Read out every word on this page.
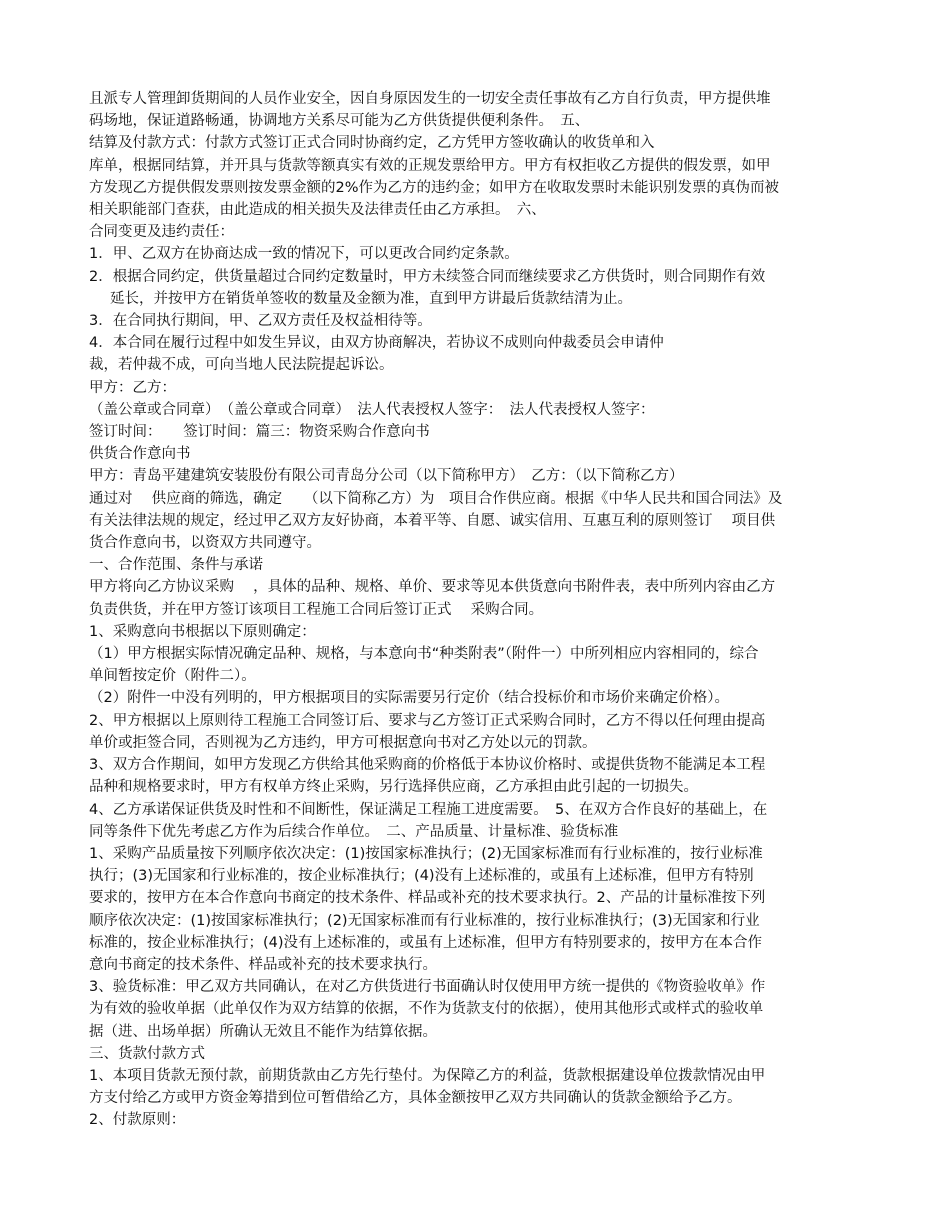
且派专人管理卸货期间的人员作业安全，因自身原因发生的一切安全责任事故有乙方自行负责，甲方提供堆
码场地，保证道路畅通，协调地方关系尽可能为乙方供货提供便利条件。　五、
结算及付款方式：付款方式签订正式合同时协商约定，乙方凭甲方签收确认的收货单和入
库单，根据同结算，并开具与货款等额真实有效的正规发票给甲方。甲方有权拒收乙方提供的假发票，如甲
方发现乙方提供假发票则按发票金额的2%作为乙方的违约金；如甲方在收取发票时未能识别发票的真伪而被
相关职能部门查获，由此造成的相关损失及法律责任由乙方承担。　六、
合同变更及违约责任：
1．甲、乙双方在协商达成一致的情况下，可以更改合同约定条款。
2．根据合同约定，供货量超过合同约定数量时，甲方未续签合同而继续要求乙方供货时，则合同期作有效
延长，并按甲方在销货单签收的数量及金额为准，直到甲方讲最后货款结清为止。
3．在合同执行期间，甲、乙双方责任及权益相待等。
4．本合同在履行过程中如发生异议，由双方协商解决，若协议不成则向仲裁委员会申请仲
裁，若仲裁不成，可向当地人民法院提起诉讼。
甲方：乙方：
（盖公章或合同章）　（盖公章或合同章）　法人代表授权人签字：　法人代表授权人签字：
签订时间：　　签订时间：篇三：物资采购合作意向书
供货合作意向书
甲方：青岛平建建筑安装股份有限公司青岛分公司（以下简称甲方）　乙方：（以下简称乙方）
通过对　 供应商的筛选，确定　　（以下简称乙方）为　项目合作供应商。根据《中华人民共和国合同法》及
有关法律法规的规定，经过甲乙双方友好协商，本着平等、自愿、诚实信用、互惠互利的原则签订　 项目供
货合作意向书，以资双方共同遵守。
一、合作范围、条件与承诺
甲方将向乙方协议采购　 ，具体的品种、规格、单价、要求等见本供货意向书附件表，表中所列内容由乙方
负责供货，并在甲方签订该项目工程施工合同后签订正式　 采购合同。
1、采购意向书根据以下原则确定：
（1）甲方根据实际情况确定品种、规格，与本意向书“种类附表”（附件一）中所列相应内容相同的，综合
单间暂按定价（附件二）。
（2）附件一中没有列明的，甲方根据项目的实际需要另行定价（结合投标价和市场价来确定价格）。
2、甲方根据以上原则待工程施工合同签订后、要求与乙方签订正式采购合同时，乙方不得以任何理由提高
单价或拒签合同，否则视为乙方违约，甲方可根据意向书对乙方处以元的罚款。
3、双方合作期间，如甲方发现乙方供给其他采购商的价格低于本协议价格时、或提供货物不能满足本工程
品种和规格要求时，甲方有权单方终止采购，另行选择供应商，乙方承担由此引起的一切损失。
4、乙方承诺保证供货及时性和不间断性，保证满足工程施工进度需要。　5、在双方合作良好的基础上，在
同等条件下优先考虑乙方作为后续合作单位。　二、产品质量、计量标准、验货标准
1、采购产品质量按下列顺序依次决定：(1)按国家标准执行；(2)无国家标准而有行业标准的，按行业标准
执行；(3)无国家和行业标准的，按企业标准执行；(4)没有上述标准的，或虽有上述标准，但甲方有特别
要求的，按甲方在本合作意向书商定的技术条件、样品或补充的技术要求执行。2、产品的计量标准按下列
顺序依次决定：(1)按国家标准执行；(2)无国家标准而有行业标准的，按行业标准执行；(3)无国家和行业
标准的，按企业标准执行；(4)没有上述标准的，或虽有上述标准，但甲方有特别要求的，按甲方在本合作
意向书商定的技术条件、样品或补充的技术要求执行。
3、验货标准：甲乙双方共同确认，在对乙方供货进行书面确认时仅使用甲方统一提供的《物资验收单》作
为有效的验收单据（此单仅作为双方结算的依据，不作为货款支付的依据），使用其他形式或样式的验收单
据（进、出场单据）所确认无效且不能作为结算依据。
三、货款付款方式
1、本项目货款无预付款，前期货款由乙方先行垫付。为保障乙方的利益，货款根据建设单位拨款情况由甲
方支付给乙方或甲方资金筹措到位可暂借给乙方，具体金额按甲乙双方共同确认的货款金额给予乙方。
2、付款原则：
